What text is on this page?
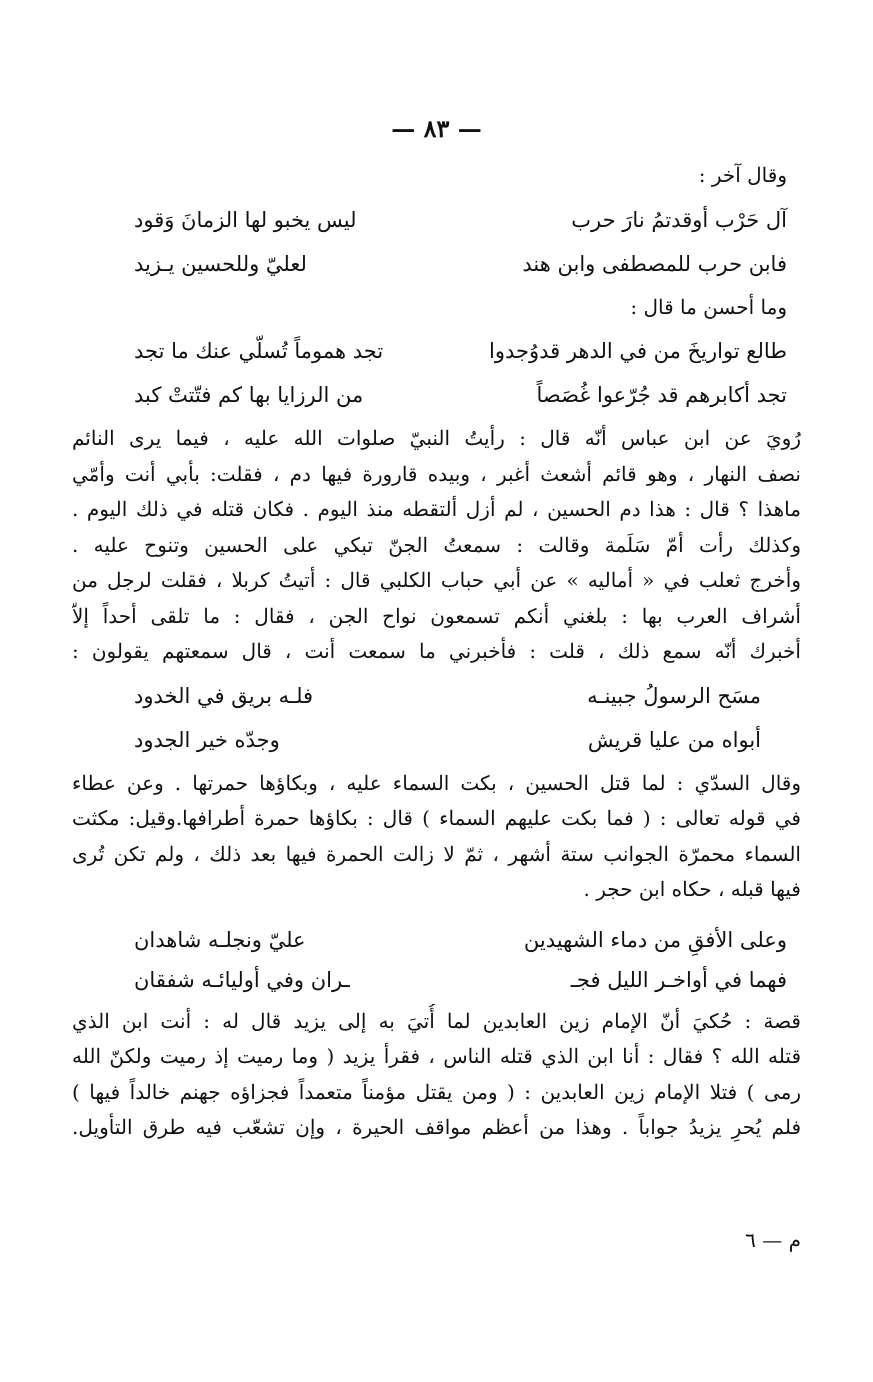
— ٨٣ —
وقال آخر :
آل حَرْب أوقدتمُ نارَ حرب
ليس يخبو لها الزمانَ وَقود
فابن حرب للمصطفى وابن هند
لعليّ وللحسين يـزيد
وما أحسن ما قال :
طالع تواريخَ من في الدهر قدوُجدوا
تجد هموماً تُسلّي عنك ما تجد
تجد أكابرهم قد جُرّعوا غُصَصاً
من الرزايا بها كم فتّتتْ كبد
رُويَ عن ابن عباس أنّه قال : رأيتُ النبيّ صلوات الله عليه ، فيما يرى النائم
نصف النهار ، وهو قائم أشعث أغبر ، وبيده قارورة فيها دم ، فقلت: بأبي أنت وأمّي
ماهذا ؟ قال : هذا دم الحسين ، لم أزل ألتقطه منذ اليوم . فكان قتله في ذلك اليوم .
وكذلك رأت أمّ سَلَمة وقالت : سمعتُ الجنّ تبكي على الحسين وتنوح عليه .
وأخرج ثعلب في « أماليه » عن أبي حباب الكلبي قال : أتيتُ كربلا ، فقلت لرجل من
أشراف العرب بها : بلغني أنكم تسمعون نواح الجن ، فقال : ما تلقى أحداً إلاّ
أخبرك أنّه سمع ذلك ، قلت : فأخبرني ما سمعت أنت ، قال سمعتهم يقولون :
مسَح الرسولُ جبينـه
فلـه بريق في الخدود
أبواه من عليا قريش
وجدّه خير الجدود
وقال السدّي : لما قتل الحسين ، بكت السماء عليه ، وبكاؤها حمرتها . وعن عطاء
في قوله تعالى : ( فما بكت عليهم السماء ) قال : بكاؤها حمرة أطرافها.وقيل: مكثت
السماء محمرّة الجوانب ستة أشهر ، ثمّ لا زالت الحمرة فيها بعد ذلك ، ولم تكن تُرى
فيها قبله ، حكاه ابن حجر .
وعلى الأفقِ من دماء الشهيدين
عليّ ونجلـه شاهدان
فهما في أواخـر الليل فجـ
ـران وفي أوليائـه شفقان
قصة : حُكيَ أنّ الإمام زين العابدين لما أُتيَ به إلى يزيد قال له : أنت ابن الذي
قتله الله ؟ فقال : أنا ابن الذي قتله الناس ، فقرأ يزيد ( وما رميت إذ رميت ولكنّ الله
رمى ) فتلا الإمام زين العابدين : ( ومن يقتل مؤمناً متعمداً فجزاؤه جهنم خالداً فيها )
فلم يُحرِ يزيدُ جواباً . وهذا من أعظم مواقف الحيرة ، وإن تشعّب فيه طرق التأويل.
م — ٦
